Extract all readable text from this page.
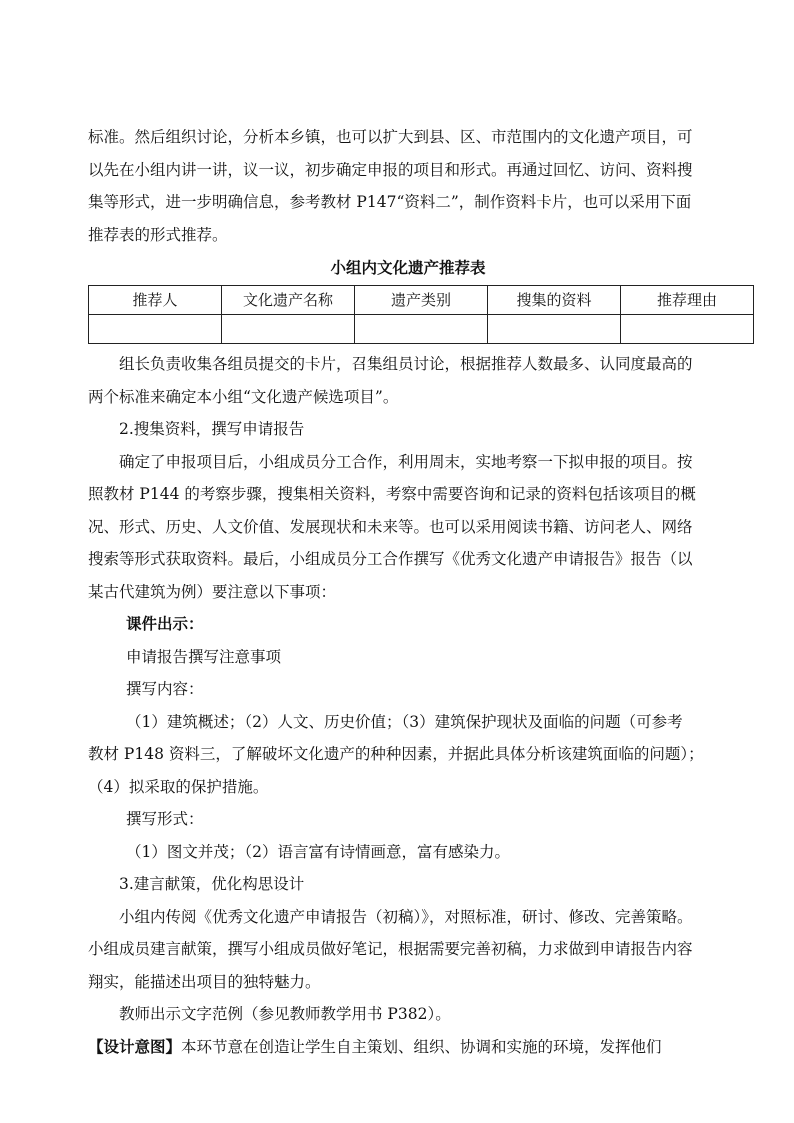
标准。然后组织讨论，分析本乡镇，也可以扩大到县、区、市范围内的文化遗产项目，可
以先在小组内讲一讲，议一议，初步确定申报的项目和形式。再通过回忆、访问、资料搜
集等形式，进一步明确信息，参考教材 P147“资料二”，制作资料卡片，也可以采用下面
推荐表的形式推荐。
小组内文化遗产推荐表
推荐人	文化遗产名称	遗产类别	搜集的资料	推荐理由

组长负责收集各组员提交的卡片，召集组员讨论，根据推荐人数最多、认同度最高的
两个标准来确定本小组“文化遗产候选项目”。
2.搜集资料，撰写申请报告
确定了申报项目后，小组成员分工合作，利用周末，实地考察一下拟申报的项目。按
照教材 P144 的考察步骤，搜集相关资料，考察中需要咨询和记录的资料包括该项目的概
况、形式、历史、人文价值、发展现状和未来等。也可以采用阅读书籍、访问老人、网络
搜索等形式获取资料。最后，小组成员分工合作撰写《优秀文化遗产申请报告》报告（以
某古代建筑为例）要注意以下事项：
课件出示：
申请报告撰写注意事项
撰写内容：
（1）建筑概述；（2）人文、历史价值；（3）建筑保护现状及面临的问题（可参考
教材 P148 资料三，了解破坏文化遗产的种种因素，并据此具体分析该建筑面临的问题）；
（4）拟采取的保护措施。
撰写形式：
（1）图文并茂；（2）语言富有诗情画意，富有感染力。
3.建言献策，优化构思设计
小组内传阅《优秀文化遗产申请报告（初稿）》，对照标准，研讨、修改、完善策略。
小组成员建言献策，撰写小组成员做好笔记，根据需要完善初稿，力求做到申请报告内容
翔实，能描述出项目的独特魅力。
教师出示文字范例（参见教师教学用书 P382）。
【设计意图】本环节意在创造让学生自主策划、组织、协调和实施的环境，发挥他们
